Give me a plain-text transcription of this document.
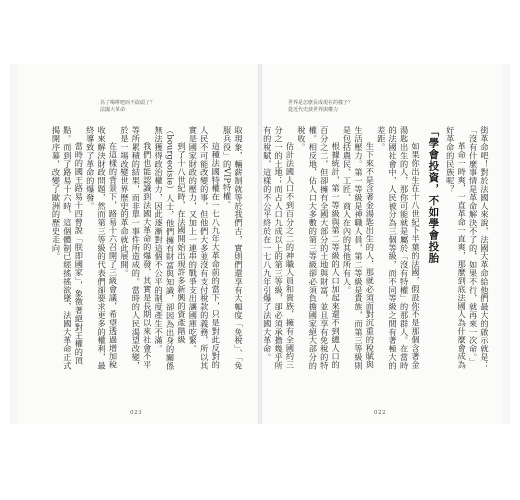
為了喝啡吧而不砍頭了？
法國大革命
世界是怎麼長成現在的樣子？
從近代史談世界與權力

街革命吧！對於法國人來說，法國大革命給他們最大的啟示就是：「沒有什麼事情是革命解決不了的，如果不行，就再來一次命。」

革命一時爽，一直革命一直爽，那麼到底法國人為什麼會成為好革命的民族呢？

「學會投資，不如學會投胎

如果你出生在十八世紀下半葉的法國，假設你不是那個含著金湯匙出生的人，那你可能就是屬於「沒有特權」的那群人。在當時的法國社會中，人民被分為三個等級，而不同等級之間有著極大的差距。

生下來不是含著金湯匙出生的人，那就必須面對沉重的稅賦與生活壓力。第一等級是神職人員，第二等級是貴族，而第三等級則是包括農民、工匠、商人在內的其他所有人。

根據統計，第一等級與第二等級的人口加起來還不到總人口的百分之二，但卻擁有全國大部分的土地與財富，並且享有免稅的特權。相反地，佔人口大多數的第三等級卻必須負擔國家絕大部分的稅收。

估計法國人口不到百分之二的神職人員和貴族，擁有全國約三分之一的土地；而占人口九成以上的第三等級，卻必須承擔幾乎所有的稅賦，這樣的不公平終於在一七八九年引爆了法國大革命。

取現象，輛薪制就等於我們古，實則們還享有大幅度「免稅」、「免服兵役」的VIP特權。

這種法國特權在一七八九年大革命前的當下，只是對此反對的人民不可能改變的事，但他們大多並沒有支付稅款的義務，所以其實是國家財政的壓力，又加上一連串的戰爭支出讓國庫吃緊。

到了十八世紀時，在法國開始出現許多新興的資產階級（bourgeoisie）人士，他們擁有財富與知識，卻因為出身的關係無法獲得政治權力，因此逐漸對這個不公平的制度產生不滿。

我們也能認識到法國大革命的爆發，其實是長期以來社會不平等所累積的結果，而非單一事件所造成的。當時的人民渴望改變，於是一場改變世界歷史的革命就此展開。

在這樣的背景下，路易十六召開了三級會議，希望透過增加稅收來解決財政問題，然而第三等級的代表們卻要求更多的權利，最終導致了革命的爆發。

當時的國王路易十四曾說「朕即國家」，象徵著絕對王權的頂點。而到了路易十六時，這個體制已經搖搖欲墜，法國大革命正式揭開序幕，改變了歐洲的歷史走向。

023	022
